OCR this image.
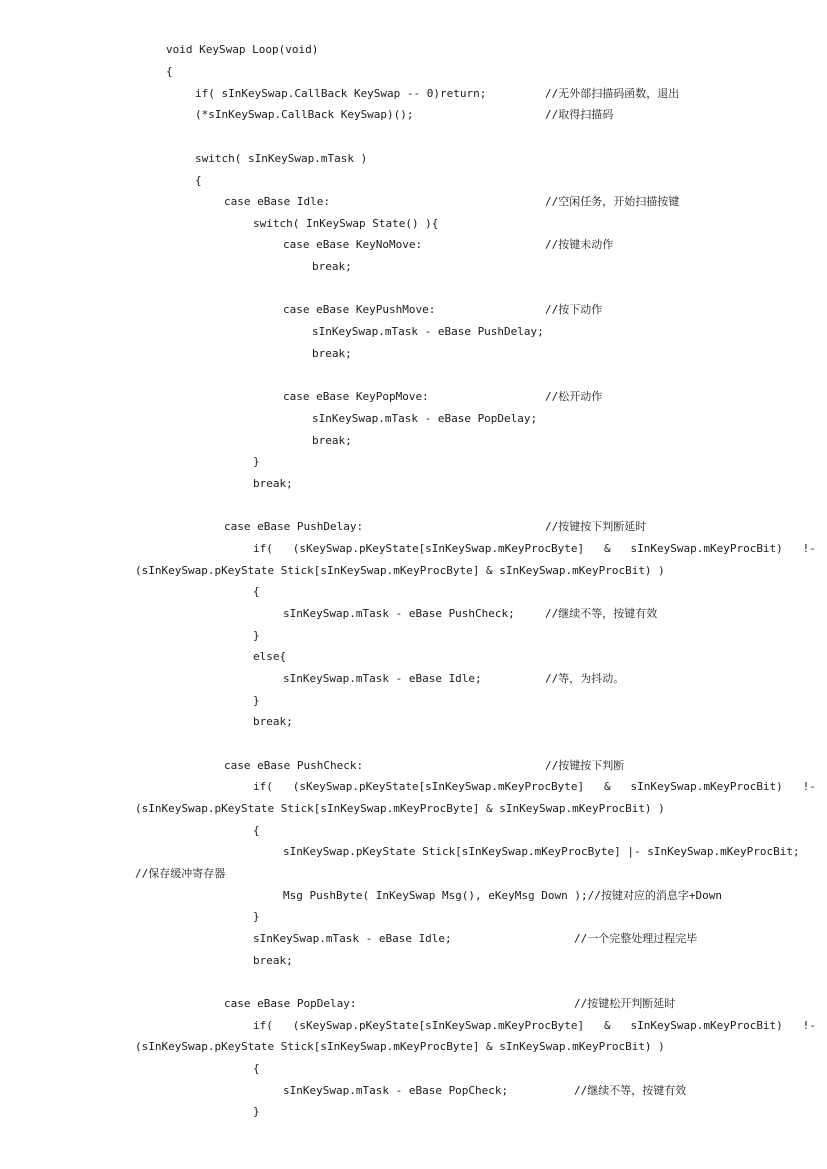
void KeySwap Loop(void)
{
if( sInKeySwap.CallBack KeySwap -- 0)return;	//无外部扫描码函数，退出
(*sInKeySwap.CallBack KeySwap)();	//取得扫描码
switch( sInKeySwap.mTask )
{
case eBase Idle:	//空闲任务，开始扫描按键
switch( InKeySwap State() ){
case eBase KeyNoMove:	//按键未动作
break;
case eBase KeyPushMove:	//按下动作
sInKeySwap.mTask - eBase PushDelay;
break;
case eBase KeyPopMove:	//松开动作
sInKeySwap.mTask - eBase PopDelay;
break;
}
break;
case eBase PushDelay:	//按键按下判断延时
if(   (sKeySwap.pKeyState[sInKeySwap.mKeyProcByte]   &   sInKeySwap.mKeyProcBit)   !-
(sInKeySwap.pKeyState Stick[sInKeySwap.mKeyProcByte] & sInKeySwap.mKeyProcBit) )
{
sInKeySwap.mTask - eBase PushCheck;	//继续不等，按键有效
}
else{
sInKeySwap.mTask - eBase Idle;	//等，为抖动。
}
break;
case eBase PushCheck:	//按键按下判断
if(   (sKeySwap.pKeyState[sInKeySwap.mKeyProcByte]   &   sInKeySwap.mKeyProcBit)   !-
(sInKeySwap.pKeyState Stick[sInKeySwap.mKeyProcByte] & sInKeySwap.mKeyProcBit) )
{
sInKeySwap.pKeyState Stick[sInKeySwap.mKeyProcByte] |- sInKeySwap.mKeyProcBit;
//保存缓冲寄存器
Msg PushByte( InKeySwap Msg(), eKeyMsg Down );//按键对应的消息字+Down
}
sInKeySwap.mTask - eBase Idle;	//一个完整处理过程完毕
break;
case eBase PopDelay:	//按键松开判断延时
if(   (sKeySwap.pKeyState[sInKeySwap.mKeyProcByte]   &   sInKeySwap.mKeyProcBit)   !-
(sInKeySwap.pKeyState Stick[sInKeySwap.mKeyProcByte] & sInKeySwap.mKeyProcBit) )
{
sInKeySwap.mTask - eBase PopCheck;	//继续不等，按键有效
}
